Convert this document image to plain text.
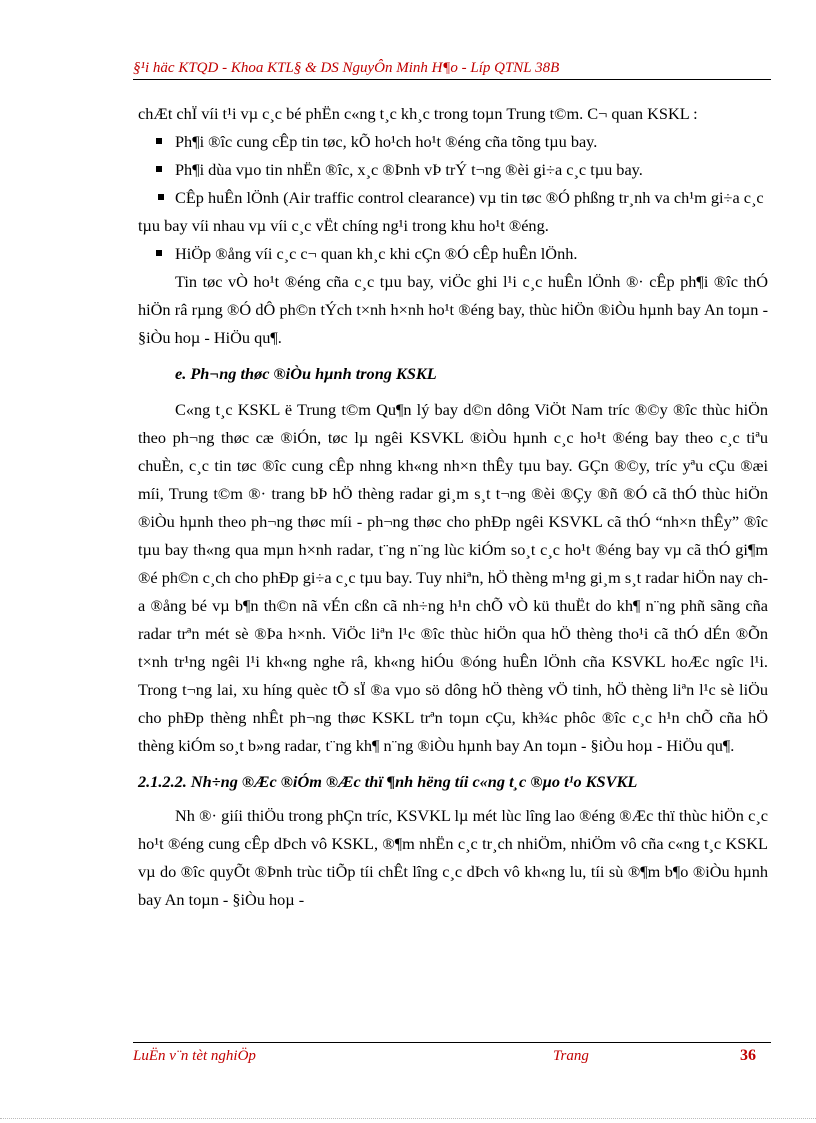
§¹i häc KTQD - Khoa KTL§ & DS NguyÔn Minh H¶o - Líp QTNL 38B

chÆt chÏ víi t¹i vµ c¸c bé phËn c«ng t¸c kh¸c trong toµn Trung t©m. C¬ quan KSKL :

Ph¶i ®îc cung cÊp tin tøc, kÕ ho¹ch ho¹t ®éng cña tõng tµu bay.

Ph¶i dùa vµo tin nhËn ®îc, x¸c ®Þnh vÞ trÝ t¬ng ®èi gi÷a c¸c tµu bay.

CÊp huÊn lÖnh (Air traffic control clearance) vµ tin tøc ®Ó phßng tr¸nh va ch¹m gi÷a c¸c tµu bay víi nhau vµ víi c¸c vËt chíng ng¹i trong khu ho¹t ®éng.

HiÖp ®ång víi c¸c c¬ quan kh¸c khi cÇn ®Ó cÊp huÊn lÖnh.

Tin tøc vÒ ho¹t ®éng cña c¸c tµu bay, viÖc ghi l¹i c¸c huÊn lÖnh ®· cÊp ph¶i ®îc thÓ hiÖn râ rµng ®Ó dÔ ph©n tÝch t×nh h×nh ho¹t ®éng bay, thùc hiÖn ®iÒu hµnh bay An toµn - §iÒu hoµ - HiÖu qu¶.

e. Ph¬ng thøc ®iÒu hµnh trong KSKL

C«ng t¸c KSKL ë Trung t©m Qu¶n lý bay d©n dông ViÖt Nam tríc ®©y ®îc thùc hiÖn theo ph¬ng thøc cæ ®iÓn, tøc lµ ngêi KSVKL ®iÒu hµnh c¸c ho¹t ®éng bay theo c¸c tiªu chuÈn, c¸c tin tøc ®îc cung cÊp nhng kh«ng nh×n thÊy tµu bay. GÇn ®©y, tríc yªu cÇu ®æi míi, Trung t©m ®· trang bÞ hÖ thèng radar gi¸m s¸t t¬ng ®èi ®Çy ®ñ ®Ó cã thÓ thùc hiÖn ®iÒu hµnh theo ph¬ng thøc míi - ph¬ng thøc cho phÐp ngêi KSVKL cã thÓ “nh×n thÊy” ®îc tµu bay th«ng qua mµn h×nh radar, t¨ng n¨ng lùc kiÓm so¸t c¸c ho¹t ®éng bay vµ cã thÓ gi¶m ®é ph©n c¸ch cho phÐp gi÷a c¸c tµu bay. Tuy nhiªn, hÖ thèng m¹ng gi¸m s¸t radar hiÖn nay cha ®ång bé vµ b¶n th©n nã vÉn cßn cã nh÷ng h¹n chÕ vÒ kü thuËt do kh¶ n¨ng phñ sãng cña radar trªn mét sè ®Þa h×nh. ViÖc liªn l¹c ®îc thùc hiÖn qua hÖ thèng tho¹i cã thÓ dÉn ®Õn t×nh tr¹ng ngêi l¹i kh«ng nghe râ, kh«ng hiÓu ®óng huÊn lÖnh cña KSVKL hoÆc ngîc l¹i. Trong t¬ng lai, xu híng quèc tÕ sÏ ®a vµo sö dông hÖ thèng vÖ tinh, hÖ thèng liªn l¹c sè liÖu cho phÐp thèng nhÊt ph¬ng thøc KSKL trªn toµn cÇu, kh¾c phôc ®îc c¸c h¹n chÕ cña hÖ thèng kiÓm so¸t b»ng radar, t¨ng kh¶ n¨ng ®iÒu hµnh bay An toµn - §iÒu hoµ - HiÖu qu¶.

2.1.2.2. Nh÷ng ®Æc ®iÓm ®Æc thï ¶nh hëng tíi c«ng t¸c ®µo t¹o KSVKL

Nh ®· giíi thiÖu trong phÇn tríc, KSVKL lµ mét lùc lîng lao ®éng ®Æc thï thùc hiÖn c¸c ho¹t ®éng cung cÊp dÞch vô KSKL, ®¶m nhËn c¸c tr¸ch nhiÖm, nhiÖm vô cña c«ng t¸c KSKL vµ do ®îc quyÕt ®Þnh trùc tiÕp tíi chÊt lîng c¸c dÞch vô kh«ng lu, tíi sù ®¶m b¶o ®iÒu hµnh bay An toµn - §iÒu hoµ -

LuËn v¨n tèt nghiÖp	Trang	36
